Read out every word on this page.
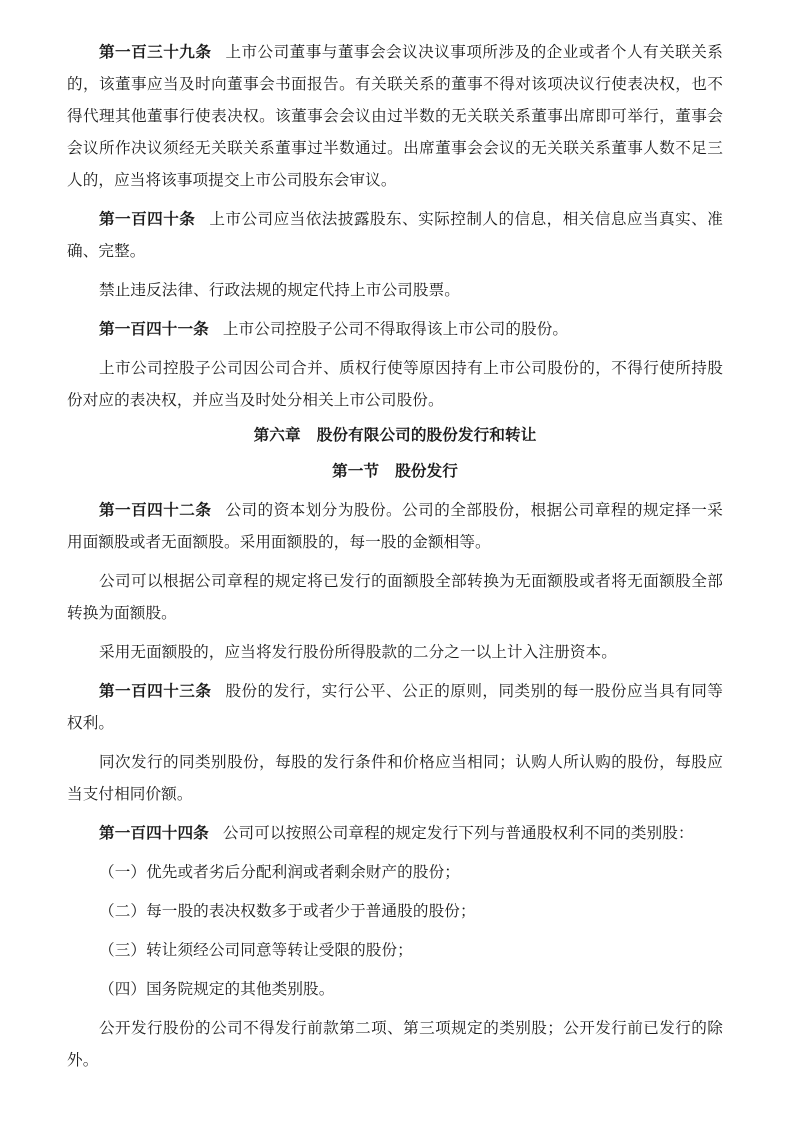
第一百三十九条 上市公司董事与董事会会议决议事项所涉及的企业或者个人有关联关系的，该董事应当及时向董事会书面报告。有关联关系的董事不得对该项决议行使表决权，也不得代理其他董事行使表决权。该董事会会议由过半数的无关联关系董事出席即可举行，董事会会议所作决议须经无关联关系董事过半数通过。出席董事会会议的无关联关系董事人数不足三人的，应当将该事项提交上市公司股东会审议。

第一百四十条 上市公司应当依法披露股东、实际控制人的信息，相关信息应当真实、准确、完整。

禁止违反法律、行政法规的规定代持上市公司股票。

第一百四十一条 上市公司控股子公司不得取得该上市公司的股份。

上市公司控股子公司因公司合并、质权行使等原因持有上市公司股份的，不得行使所持股份对应的表决权，并应当及时处分相关上市公司股份。

第六章 股份有限公司的股份发行和转让

第一节 股份发行

第一百四十二条 公司的资本划分为股份。公司的全部股份，根据公司章程的规定择一采用面额股或者无面额股。采用面额股的，每一股的金额相等。

公司可以根据公司章程的规定将已发行的面额股全部转换为无面额股或者将无面额股全部转换为面额股。

采用无面额股的，应当将发行股份所得股款的二分之一以上计入注册资本。

第一百四十三条 股份的发行，实行公平、公正的原则，同类别的每一股份应当具有同等权利。

同次发行的同类别股份，每股的发行条件和价格应当相同；认购人所认购的股份，每股应当支付相同价额。

第一百四十四条 公司可以按照公司章程的规定发行下列与普通股权利不同的类别股：

（一）优先或者劣后分配利润或者剩余财产的股份；

（二）每一股的表决权数多于或者少于普通股的股份；

（三）转让须经公司同意等转让受限的股份；

（四）国务院规定的其他类别股。

公开发行股份的公司不得发行前款第二项、第三项规定的类别股；公开发行前已发行的除外。
